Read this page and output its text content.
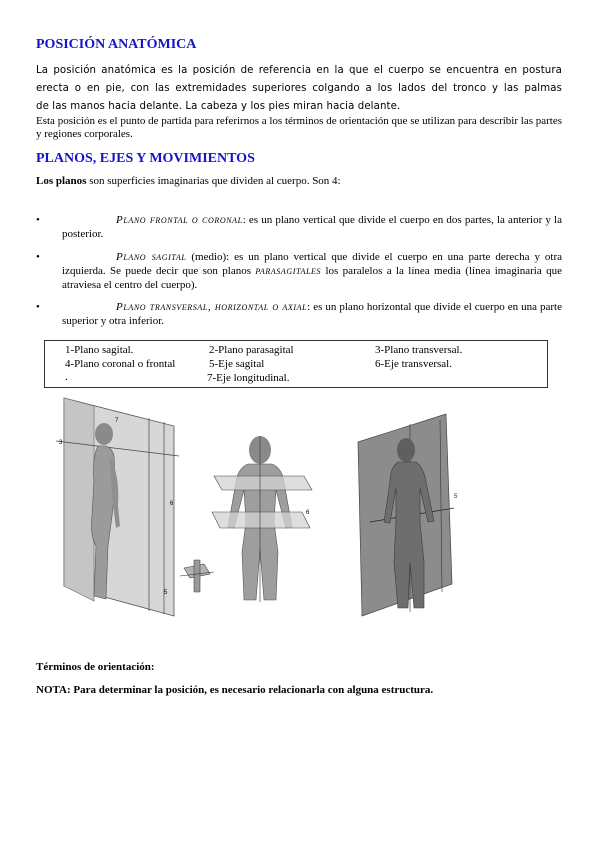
POSICIÓN ANATÓMICA
La posición anatómica es la posición de referencia en la que el cuerpo se encuentra en postura
erecta o en pie, con las extremidades superiores colgando a los lados del tronco y las palmas
de las manos hacia delante. La cabeza y los pies miran hacia delante.
Esta posición es el punto de partida para referirnos a los términos de orientación que se utilizan para describir las partes y regiones corporales.
PLANOS, EJES Y MOVIMIENTOS
Los planos son superficies imaginarias que dividen al cuerpo. Son 4:
•	Plano frontal o coronal: es un plano vertical que divide el cuerpo en dos partes, la anterior y la posterior.
•	Plano sagital (medio): es un plano vertical que divide el cuerpo en una parte derecha y otra izquierda. Se puede decir que son planos parasagitales los paralelos a la línea media (línea imaginaria que atraviesa el centro del cuerpo).
•	Plano transversal, horizontal o axial: es un plano horizontal que divide el cuerpo en una parte superior y otra inferior.
1-Plano sagital.	2-Plano parasagital	3-Plano transversal.
4-Plano coronal o frontal	5-Eje sagital	6-Eje transversal.
.	7-Eje longitudinal.
3
7
6
5
6
5
Términos de orientación:
NOTA: Para determinar la posición, es necesario relacionarla con alguna estructura.
